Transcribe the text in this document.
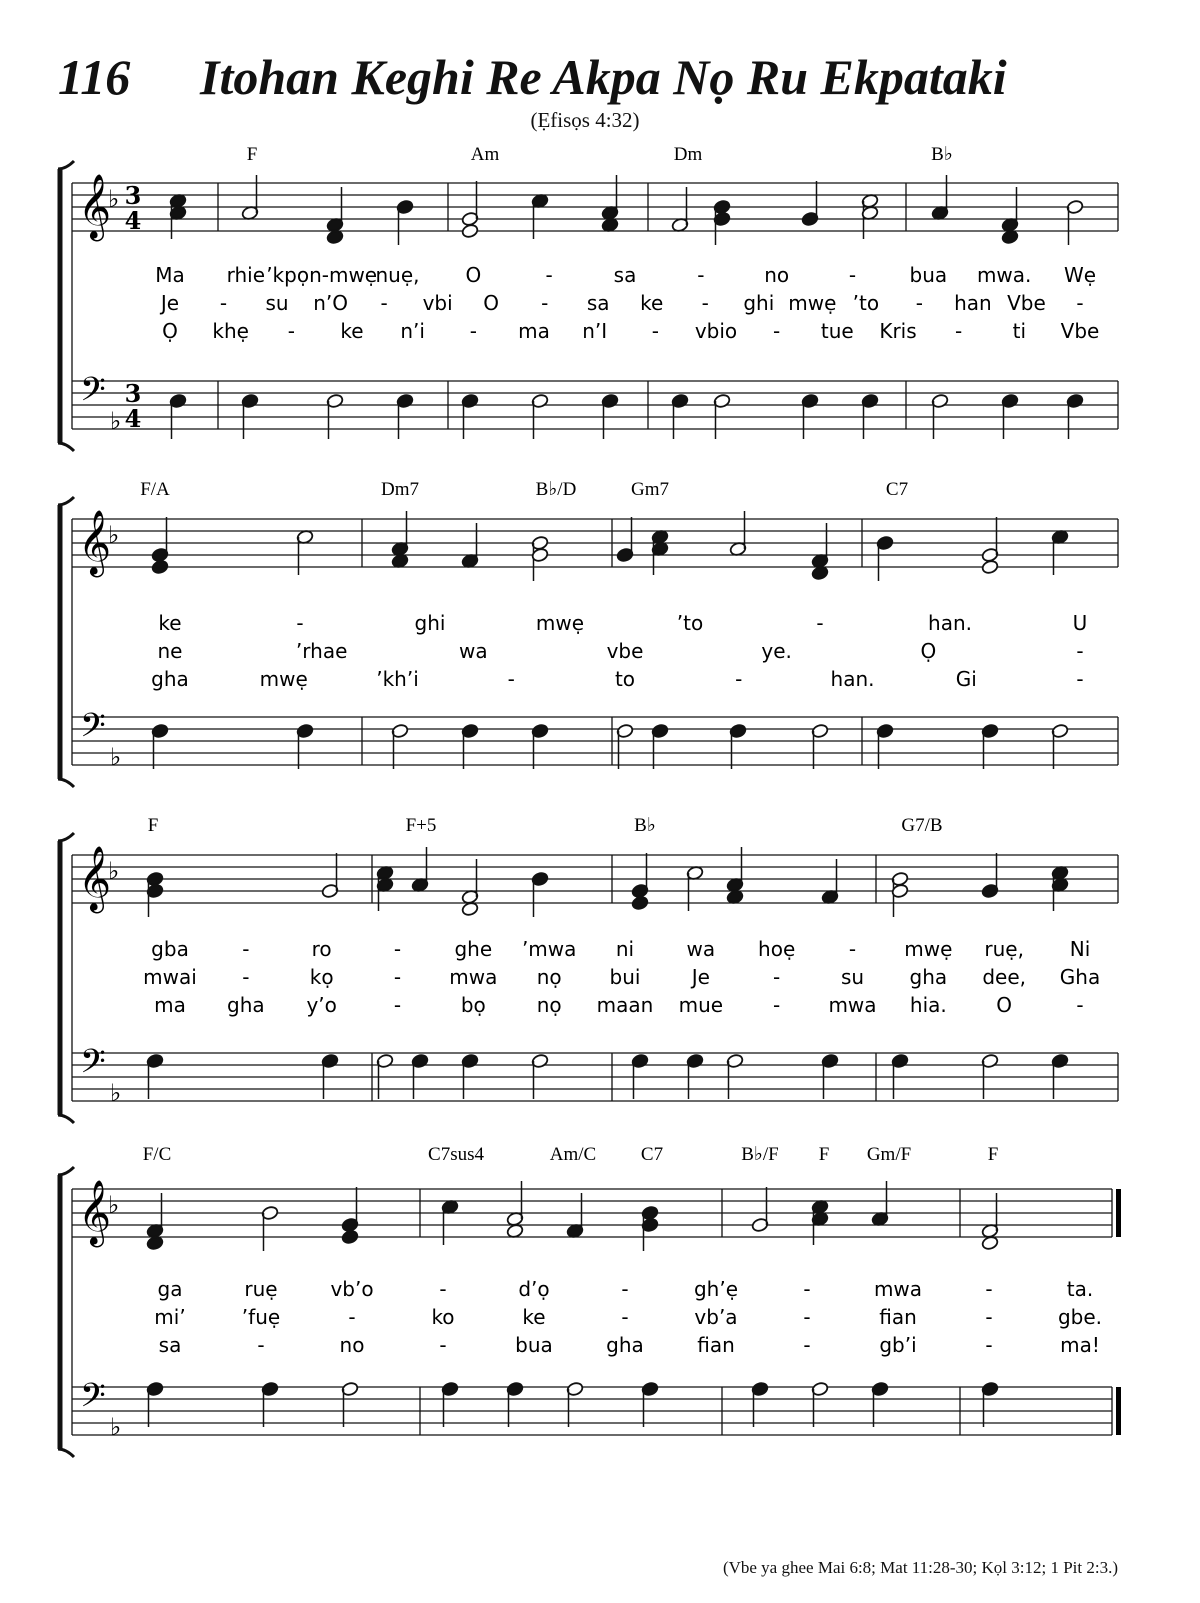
116 Itohan Keghi Re Akpa Nọ Ru Ekpataki
(Ẹfisọs 4:32)
𝄞
𝄢
♭
♭
3
4
3
4
F	Am	Dm	B♭
Ma rhie ’kpọn-mwẹ
nuẹ, O	-	sa	-	no	-	bua mwa. Wẹ
Je - su n’O - vbi O - sa ke - ghi mwẹ ’to - han Vbe -
Ọ khẹ - ke n’i - ma n’I - vbio - tue Kris -	ti Vbe
𝄞
𝄢
♭
♭
F/A	Dm7	B♭/D	Gm7	C7
ke	-	ghi	mwẹ	’to	-	han.	U
ne	’rhae	wa	vbe	ye.	Ọ	-
gha	mwẹ	’kh’i	-	to	-	han.	Gi	-
𝄞
𝄢
♭
♭
F	F+5	B♭	G7/B
gba	-	ro	-	ghe ’mwa ni	wa hoẹ	- mwẹ ruẹ, Ni
mwai -	kọ	- mwa nọ bui	Je	-	su gha dee, Gha
ma gha y’o	-	bọ	nọ maan mue - mwa hia. O	-
𝄞
𝄢
♭
♭
F/C	C7sus4	Am/C C7	B♭/F F Gm/F	F
ga	ruẹ	vb’o	-	d’ọ	-	gh’ẹ	-	mwa	-	ta.
mi’	’fuẹ	-	ko	ke	-	vb’a	-	fian	-	gbe.
sa	-	no	-	bua	gha	fian	-	gb’i	-	ma!
(Vbe ya ghee Mai 6:8; Mat 11:28-30; Kọl 3:12; 1 Pit 2:3.)
